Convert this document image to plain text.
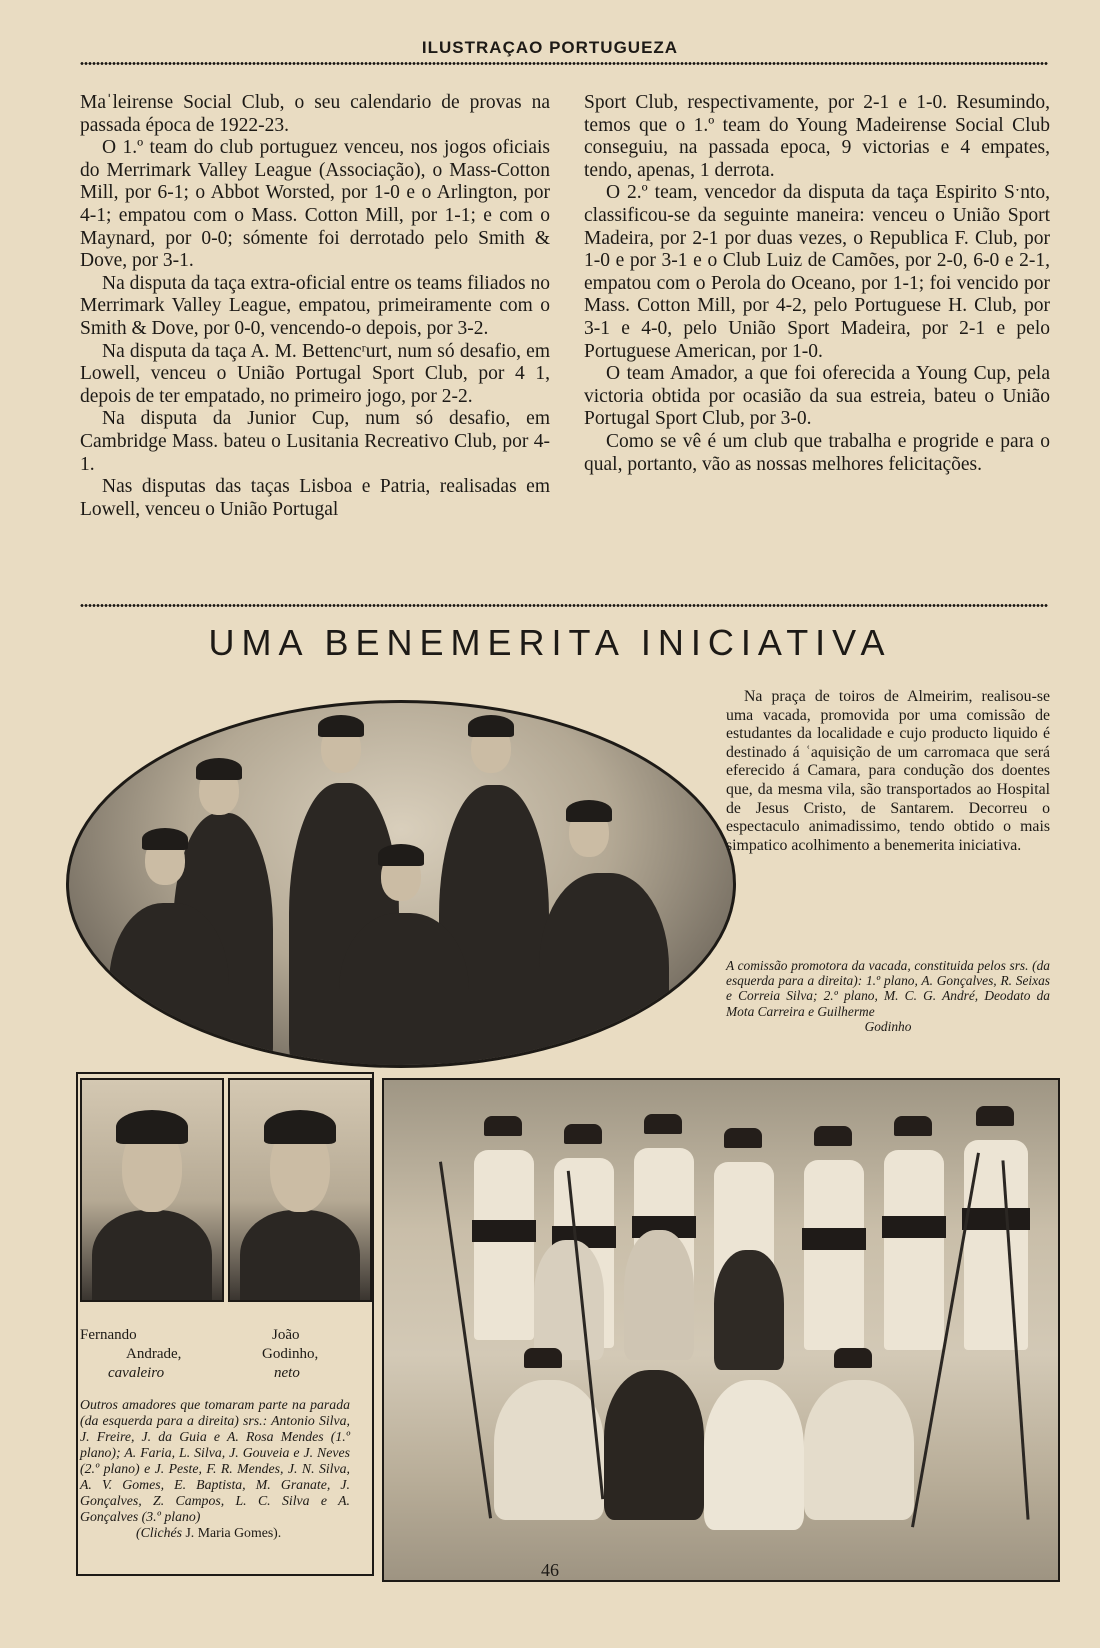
ILUSTRAÇAO PORTUGUEZA

Maˈleirense Social Club, o seu calendario de provas na passada época de 1922-23.

O 1.º team do club portuguez venceu, nos jogos oficiais do Merrimark Valley League (Associação), o Mass-Cotton Mill, por 6-1; o Abbot Worsted, por 1-0 e o Arlington, por 4-1; empatou com o Mass. Cotton Mill, por 1-1; e com o Maynard, por 0-0; sómente foi derrotado pelo Smith & Dove, por 3-1.

Na disputa da taça extra-oficial entre os teams filiados no Merrimark Valley League, empatou, primeiramente com o Smith & Dove, por 0-0, vencendo-o depois, por 3-2.

Na disputa da taça A. M. Bettencʳurt, num só desafio, em Lowell, venceu o União Portugal Sport Club, por 4 1, depois de ter empatado, no primeiro jogo, por 2-2.

Na disputa da Junior Cup, num só desafio, em Cambridge Mass. bateu o Lusitania Recreativo Club, por 4-1.

Nas disputas das taças Lisboa e Patria, realisadas em Lowell, venceu o União Portugal

Sport Club, respectivamente, por 2-1 e 1-0. Resumindo, temos que o 1.º team do Young Madeirense Social Club conseguiu, na passada epoca, 9 victorias e 4 empates, tendo, apenas, 1 derrota.

O 2.º team, vencedor da disputa da taça Espirito Sˑnto, classificou-se da seguinte maneira: venceu o União Sport Madeira, por 2-1 por duas vezes, o Republica F. Club, por 1-0 e por 3-1 e o Club Luiz de Camões, por 2-0, 6-0 e 2-1, empatou com o Perola do Oceano, por 1-1; foi vencido por Mass. Cotton Mill, por 4-2, pelo Portuguese H. Club, por 3-1 e 4-0, pelo União Sport Madeira, por 2-1 e pelo Portuguese American, por 1-0.

O team Amador, a que foi oferecida a Young Cup, pela victoria obtida por ocasião da sua estreia, bateu o União Portugal Sport Club, por 3-0.

Como se vê é um club que trabalha e progride e para o qual, portanto, vão as nossas melhores felicitações.

UMA BENEMERITA INICIATIVA

Na praça de toiros de Almeirim, realisou-se uma vacada, promovida por uma comissão de estudantes da localidade e cujo producto liquido é destinado á ʿaquisição de um carromaca que será eferecido á Camara, para condução dos doentes que, da mesma vila, são transportados ao Hospital de Jesus Cristo, de Santarem. Decorreu o espectaculo animadissimo, tendo obtido o mais simpatico acolhimento a benemerita iniciativa.

A comissão promotora da vacada, constituida pelos srs. (da esquerda para a direita): 1.º plano, A. Gonçalves, R. Seixas e Correia Silva; 2.º plano, M. C. G. André, Deodato da Mota Carreira e Guilherme
Godinho
Fernando
Andrade,
cavaleiro
João
Godinho,
neto
Outros amadores que tomaram parte na parada (da esquerda para a direita) srs.: Antonio Silva, J. Freire, J. da Guia e A. Rosa Mendes (1.º plano); A. Faria, L. Silva, J. Gouveia e J. Neves (2.º plano) e J. Peste, F. R. Mendes, J. N. Silva, A. V. Gomes, E. Baptista, M. Granate, J. Gonçalves, Z. Campos, L. C. Silva e A. Gonçalves (3.º plano)
(Clichés J. Maria Gomes).
46
